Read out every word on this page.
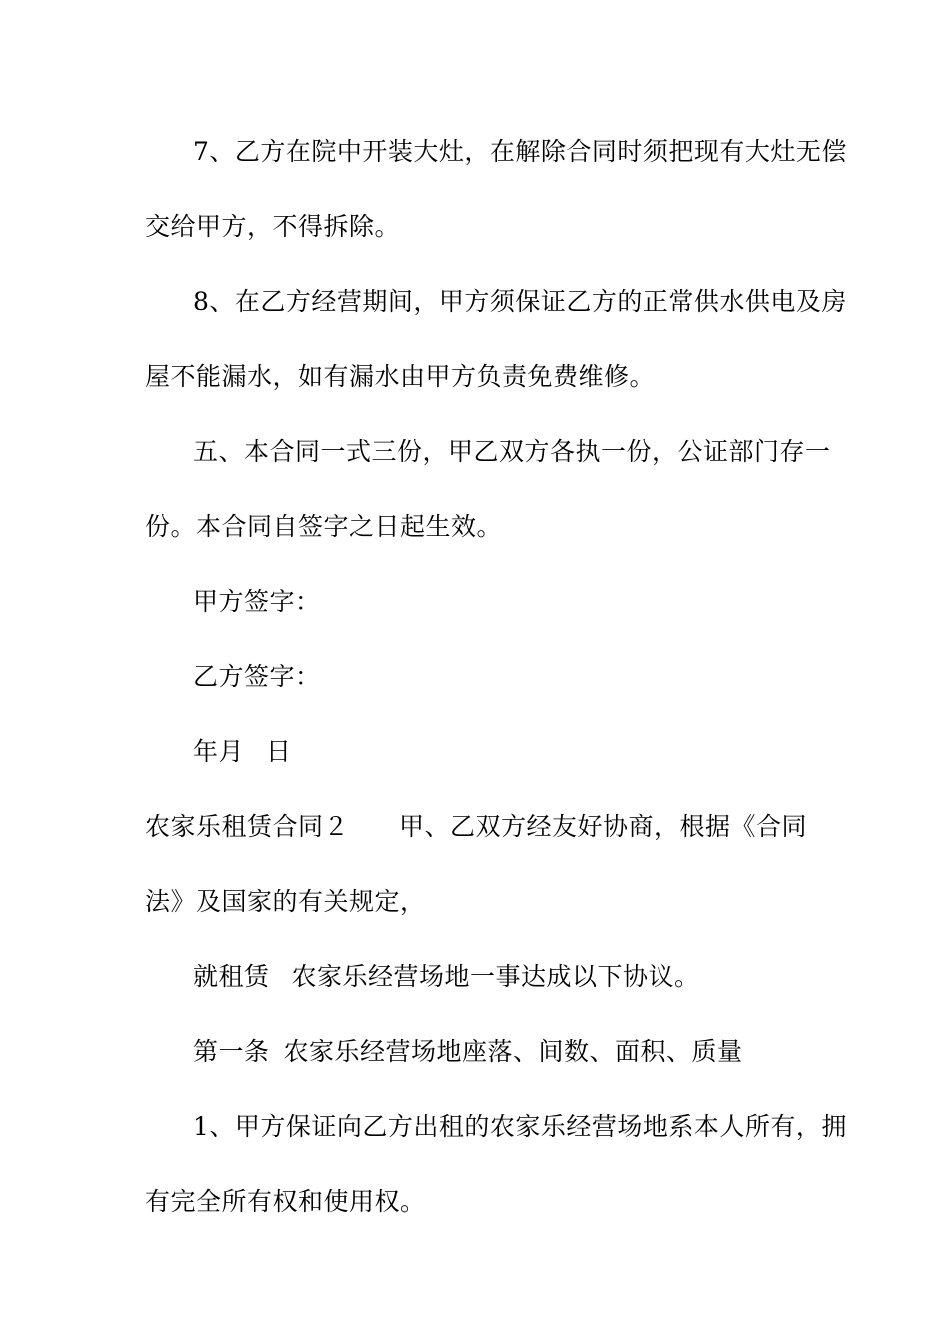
7、乙方在院中开装大灶，在解除合同时须把现有大灶无偿
交给甲方，不得拆除。
8、在乙方经营期间，甲方须保证乙方的正常供水供电及房
屋不能漏水，如有漏水由甲方负责免费维修。
五、本合同一式三份，甲乙双方各执一份，公证部门存一
份。本合同自签字之日起生效。
甲方签字：
乙方签字：
年月 日
农家乐租赁合同２ 甲、乙双方经友好协商，根据《合同
法》及国家的有关规定，
就租赁 农家乐经营场地一事达成以下协议。
第一条 农家乐经营场地座落、间数、面积、质量
1、甲方保证向乙方出租的农家乐经营场地系本人所有，拥
有完全所有权和使用权。
